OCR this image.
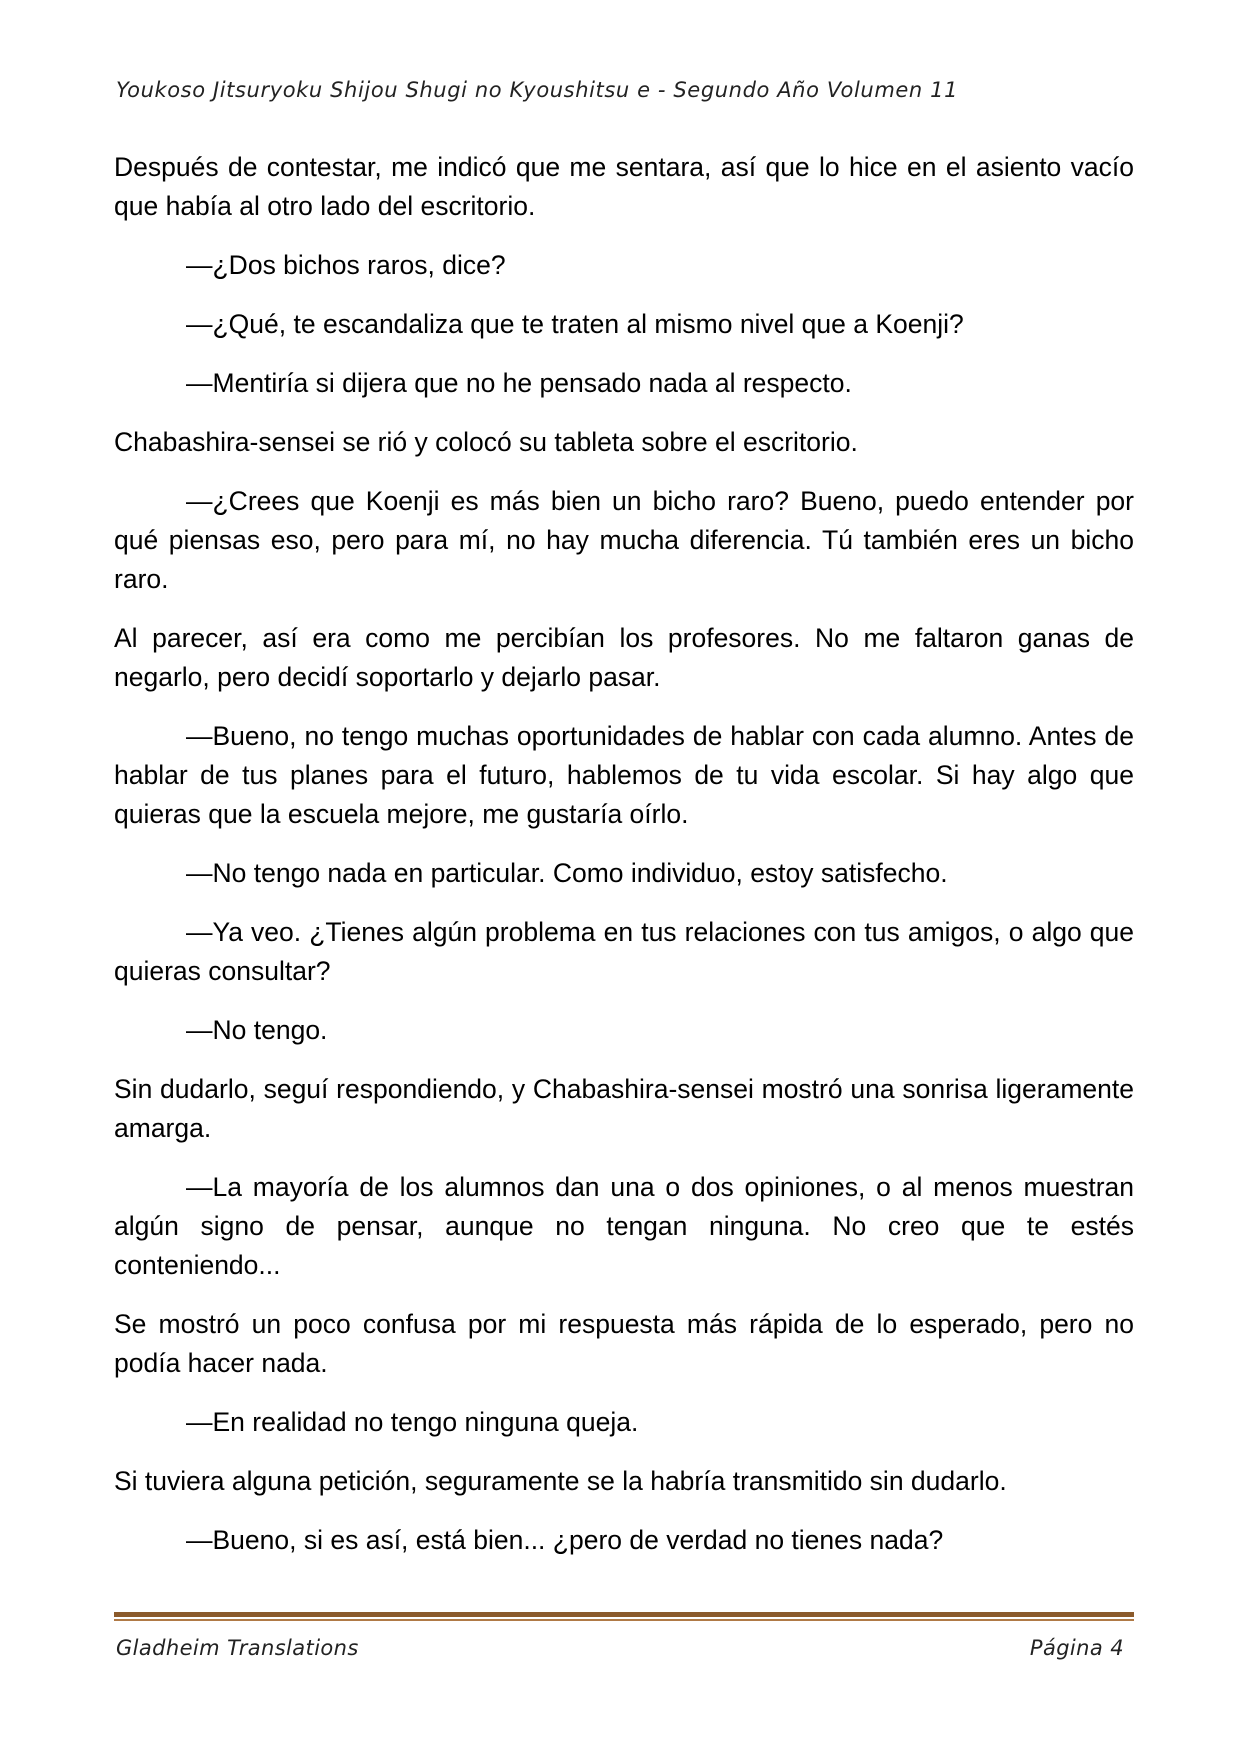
Youkoso Jitsuryoku Shijou Shugi no Kyoushitsu e - Segundo Año Volumen 11

Después de contestar, me indicó que me sentara, así que lo hice en el asiento vacío que había al otro lado del escritorio.

—¿Dos bichos raros, dice?

—¿Qué, te escandaliza que te traten al mismo nivel que a Koenji?

—Mentiría si dijera que no he pensado nada al respecto.

Chabashira-sensei se rió y colocó su tableta sobre el escritorio.

—¿Crees que Koenji es más bien un bicho raro? Bueno, puedo entender por qué piensas eso, pero para mí, no hay mucha diferencia. Tú también eres un bicho raro.

Al parecer, así era como me percibían los profesores. No me faltaron ganas de negarlo, pero decidí soportarlo y dejarlo pasar.

—Bueno, no tengo muchas oportunidades de hablar con cada alumno. Antes de hablar de tus planes para el futuro, hablemos de tu vida escolar. Si hay algo que quieras que la escuela mejore, me gustaría oírlo.

—No tengo nada en particular. Como individuo, estoy satisfecho.

—Ya veo. ¿Tienes algún problema en tus relaciones con tus amigos, o algo que quieras consultar?

—No tengo.

Sin dudarlo, seguí respondiendo, y Chabashira-sensei mostró una sonrisa ligeramente amarga.

—La mayoría de los alumnos dan una o dos opiniones, o al menos muestran algún signo de pensar, aunque no tengan ninguna. No creo que te estés conteniendo...

Se mostró un poco confusa por mi respuesta más rápida de lo esperado, pero no podía hacer nada.

—En realidad no tengo ninguna queja.

Si tuviera alguna petición, seguramente se la habría transmitido sin dudarlo.

—Bueno, si es así, está bien... ¿pero de verdad no tienes nada?

Gladheim Translations	Página 4
